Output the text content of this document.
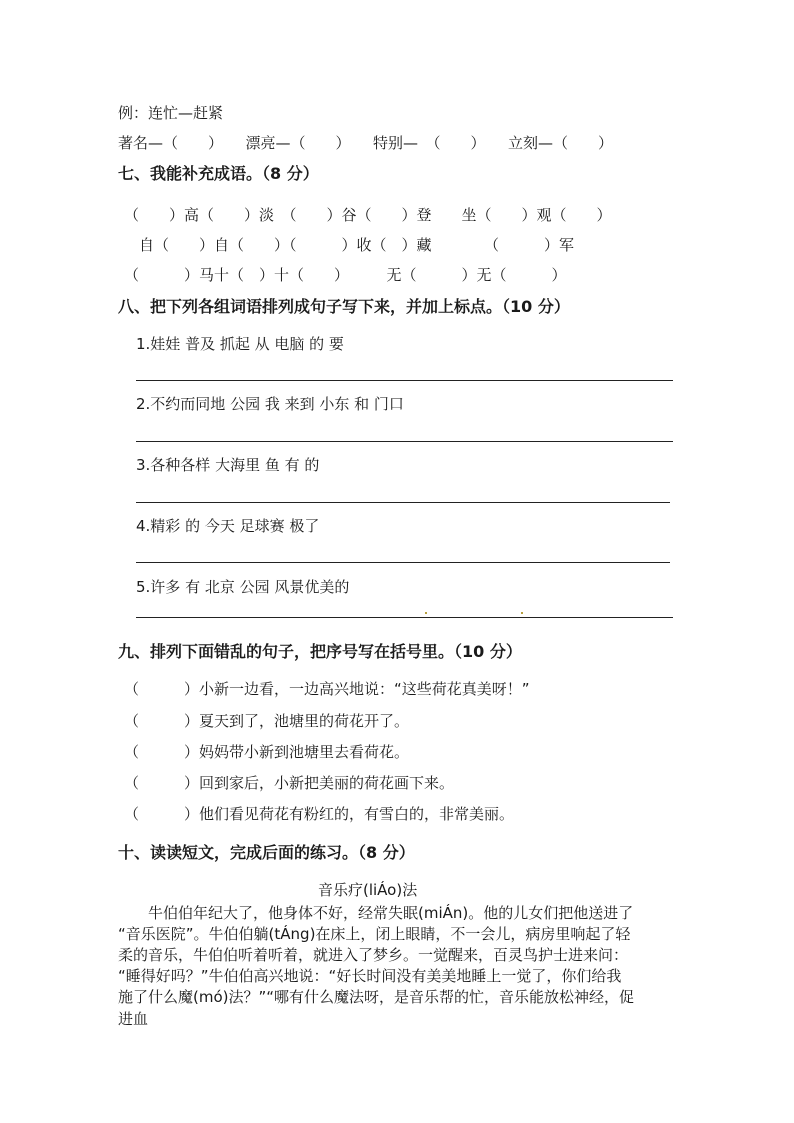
例：连忙—赶紧
著名—（　　）　　漂亮—（　　）　　特别—　（　　）　　立刻—（　　）
七、我能补充成语。（8 分）
（　　）高（　　）淡　（　　）谷（　　）登　　坐（　　）观（　　）
　自（　　）自（　　）（　　　）收（　）藏　　　　（　　　）军
（　　　）马十（　）十（　　）　　　无（　　　）无（　　　）
八、把下列各组词语排列成句子写下来，并加上标点。（10 分）
1.娃娃 普及 抓起 从 电脑 的 要
2.不约而同地 公园 我 来到 小东 和 门口
3.各种各样 大海里 鱼 有 的
4.精彩 的 今天 足球赛 极了
5.许多 有 北京 公园 风景优美的
九、排列下面错乱的句子，把序号写在括号里。（10 分）
（　　　）小新一边看，一边高兴地说：“这些荷花真美呀！”
（　　　）夏天到了，池塘里的荷花开了。
（　　　）妈妈带小新到池塘里去看荷花。
（　　　）回到家后，小新把美丽的荷花画下来。
（　　　）他们看见荷花有粉红的，有雪白的，非常美丽。
十、读读短文，完成后面的练习。（8 分）
音乐疗(liÁo)法
　　牛伯伯年纪大了，他身体不好，经常失眠(miÁn)。他的儿女们把他送进了
“音乐医院”。牛伯伯躺(tÁng)在床上，闭上眼睛，不一会儿，病房里响起了轻
柔的音乐，牛伯伯听着听着，就进入了梦乡。一觉醒来，百灵鸟护士进来问：
“睡得好吗？”牛伯伯高兴地说：“好长时间没有美美地睡上一觉了，你们给我
施了什么魔(mó)法？”“哪有什么魔法呀，是音乐帮的忙，音乐能放松神经，促
进血
